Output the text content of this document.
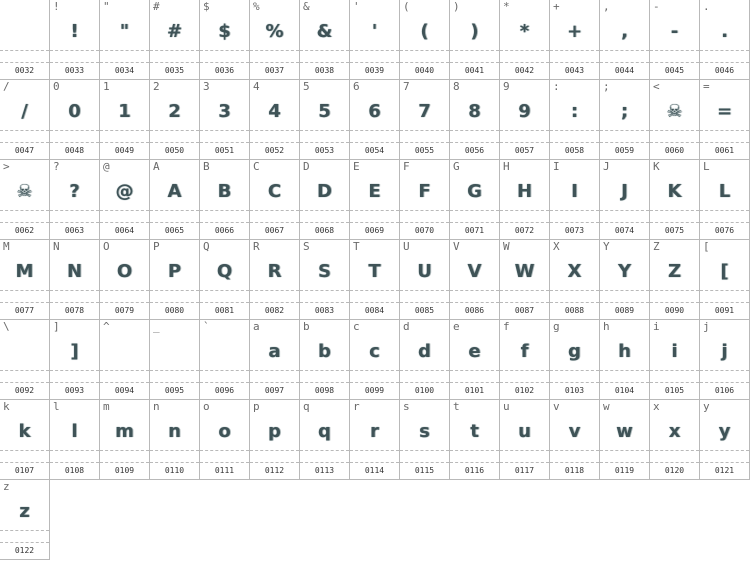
0032
!
!
0033
"
"
0034
#
#
0035
$
$
0036
%
%
0037
&
&
0038
'
'
0039
(
(
0040
)
)
0041
*
*
0042
+
+
0043
,
,
0044
-
-
0045
.
.
0046
/
/
0047
0
0
0048
1
1
0049
2
2
0050
3
3
0051
4
4
0052
5
5
0053
6
6
0054
7
7
0055
8
8
0056
9
9
0057
:
:
0058
;
;
0059
<
☠
0060
=
=
0061
>
☠
0062
?
?
0063
@
@
0064
A
A
0065
B
B
0066
C
C
0067
D
D
0068
E
E
0069
F
F
0070
G
G
0071
H
H
0072
I
I
0073
J
J
0074
K
K
0075
L
L
0076
M
M
0077
N
N
0078
O
O
0079
P
P
0080
Q
Q
0081
R
R
0082
S
S
0083
T
T
0084
U
U
0085
V
V
0086
W
W
0087
X
X
0088
Y
Y
0089
Z
Z
0090
[
[
0091
\
0092
]
]
0093
^
0094
_
0095
`
0096
a
a
0097
b
b
0098
c
c
0099
d
d
0100
e
e
0101
f
f
0102
g
g
0103
h
h
0104
i
i
0105
j
j
0106
k
k
0107
l
l
0108
m
m
0109
n
n
0110
o
o
0111
p
p
0112
q
q
0113
r
r
0114
s
s
0115
t
t
0116
u
u
0117
v
v
0118
w
w
0119
x
x
0120
y
y
0121
z
z
0122
